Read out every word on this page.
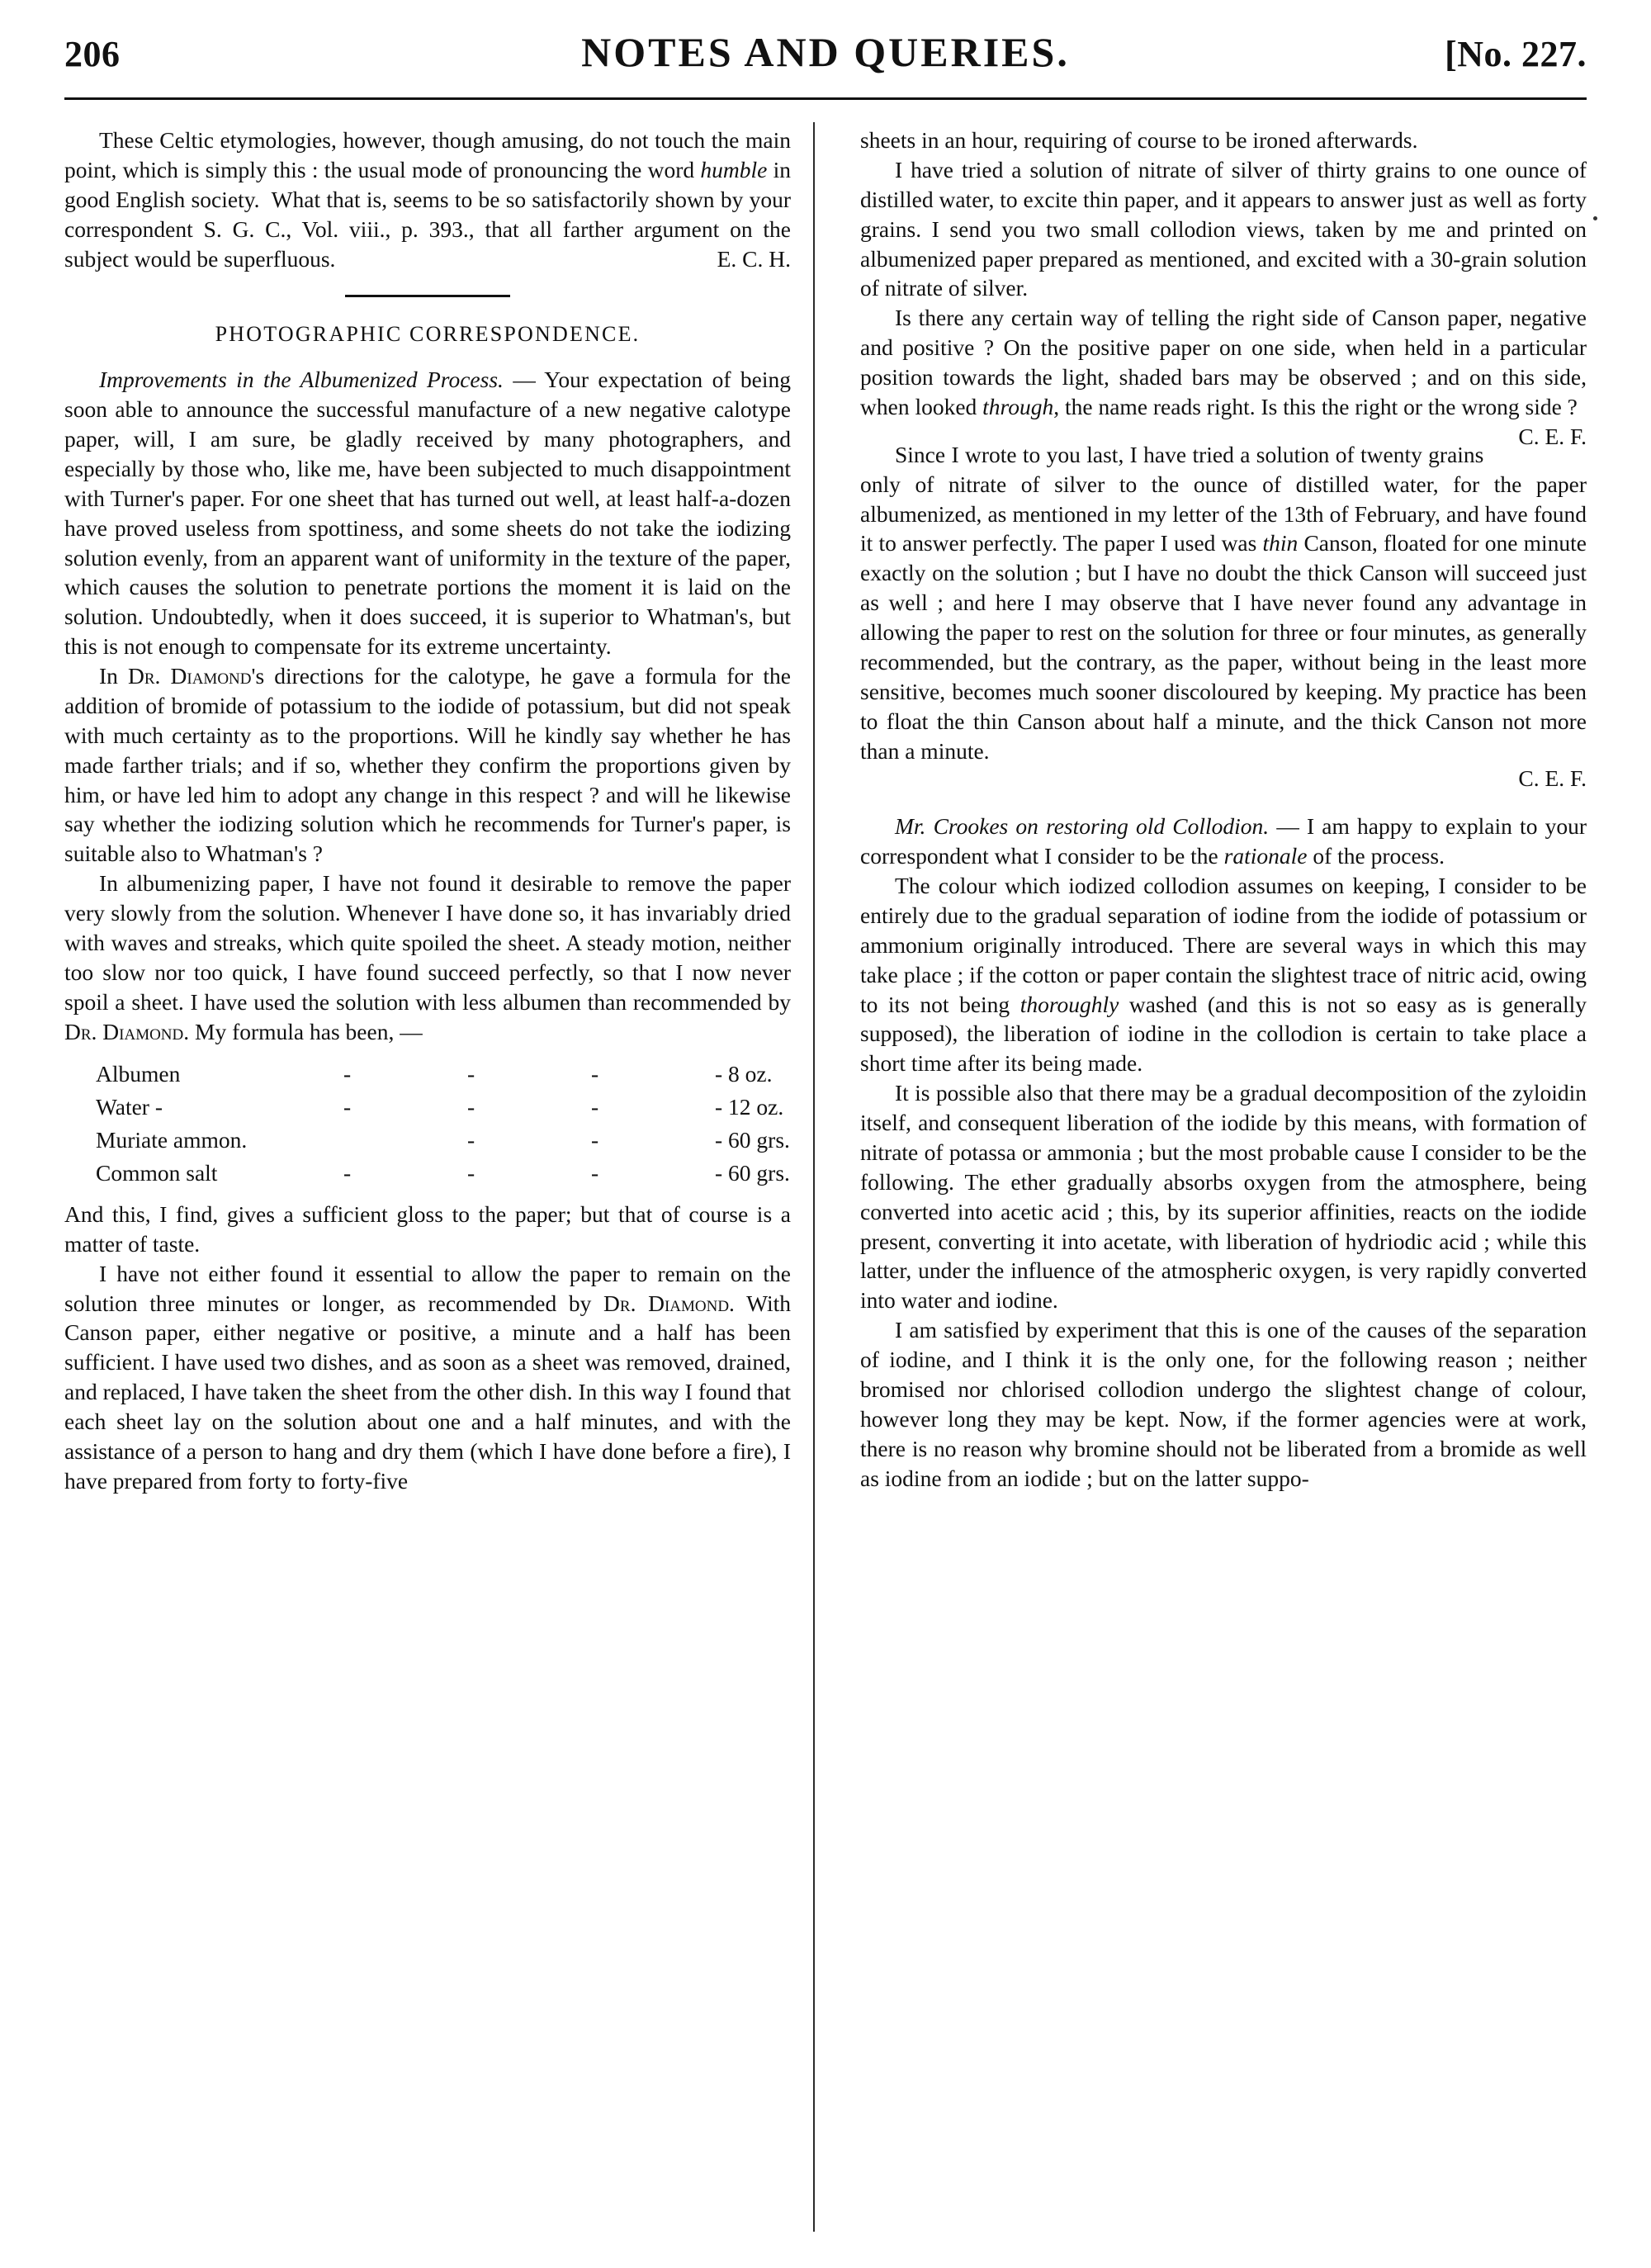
206	NOTES AND QUERIES.	[No. 227.

These Celtic etymologies, however, though amusing, do not touch the main point, which is simply this : the usual mode of pronouncing the word humble in good English society.  What that is, seems to be so satisfactorily shown by your correspondent S. G. C., Vol. viii., p. 393., that all farther argument on the subject would be superfluous.	E. C. H.

PHOTOGRAPHIC CORRESPONDENCE.

Improvements in the Albumenized Process. — Your expectation of being soon able to announce the successful manufacture of a new negative calotype paper, will, I am sure, be gladly received by many photographers, and especially by those who, like me, have been subjected to much disappointment with Turner's paper. For one sheet that has turned out well, at least half-a-dozen have proved useless from spottiness, and some sheets do not take the iodizing solution evenly, from an apparent want of uniformity in the texture of the paper, which causes the solution to penetrate portions the moment it is laid on the solution. Undoubtedly, when it does succeed, it is superior to Whatman's, but this is not enough to compensate for its extreme uncertainty.

In Dr. Diamond's directions for the calotype, he gave a formula for the addition of bromide of potassium to the iodide of potassium, but did not speak with much certainty as to the proportions. Will he kindly say whether he has made farther trials; and if so, whether they confirm the proportions given by him, or have led him to adopt any change in this respect ? and will he likewise say whether the iodizing solution which he recommends for Turner's paper, is suitable also to Whatman's ?

In albumenizing paper, I have not found it desirable to remove the paper very slowly from the solution. Whenever I have done so, it has invariably dried with waves and streaks, which quite spoiled the sheet. A steady motion, neither too slow nor too quick, I have found succeed perfectly, so that I now never spoil a sheet. I have used the solution with less albumen than recommended by Dr. Diamond. My formula has been, —

Albumen	-	-	-	- 8 oz.
Water -	-	-	-	- 12 oz.
Muriate ammon.		-	-	- 60 grs.
Common salt	-	-	-	- 60 grs.

And this, I find, gives a sufficient gloss to the paper; but that of course is a matter of taste.

I have not either found it essential to allow the paper to remain on the solution three minutes or longer, as recommended by Dr. Diamond. With Canson paper, either negative or positive, a minute and a half has been sufficient. I have used two dishes, and as soon as a sheet was removed, drained, and replaced, I have taken the sheet from the other dish. In this way I found that each sheet lay on the solution about one and a half minutes, and with the assistance of a person to hang and dry them (which I have done before a fire), I have prepared from forty to forty-five

sheets in an hour, requiring of course to be ironed afterwards.

I have tried a solution of nitrate of silver of thirty grains to one ounce of distilled water, to excite thin paper, and it appears to answer just as well as forty grains. I send you two small collodion views, taken by me and printed on albumenized paper prepared as mentioned, and excited with a 30-grain solution of nitrate of silver.

Is there any certain way of telling the right side of Canson paper, negative and positive ? On the positive paper on one side, when held in a particular position towards the light, shaded bars may be observed ; and on this side, when looked through, the name reads right. Is this the right or the wrong side ?
C. E. F.

Since I wrote to you last, I have tried a solution of twenty grains only of nitrate of silver to the ounce of distilled water, for the paper albumenized, as mentioned in my letter of the 13th of February, and have found it to answer perfectly. The paper I used was thin Canson, floated for one minute exactly on the solution ; but I have no doubt the thick Canson will succeed just as well ; and here I may observe that I have never found any advantage in allowing the paper to rest on the solution for three or four minutes, as generally recommended, but the contrary, as the paper, without being in the least more sensitive, becomes much sooner discoloured by keeping. My practice has been to float the thin Canson about half a minute, and the thick Canson not more than a minute.

C. E. F.

Mr. Crookes on restoring old Collodion. — I am happy to explain to your correspondent what I consider to be the rationale of the process.

The colour which iodized collodion assumes on keeping, I consider to be entirely due to the gradual separation of iodine from the iodide of potassium or ammonium originally introduced. There are several ways in which this may take place ; if the cotton or paper contain the slightest trace of nitric acid, owing to its not being thoroughly washed (and this is not so easy as is generally supposed), the liberation of iodine in the collodion is certain to take place a short time after its being made.

It is possible also that there may be a gradual decomposition of the zyloidin itself, and consequent liberation of the iodide by this means, with formation of nitrate of potassa or ammonia ; but the most probable cause I consider to be the following. The ether gradually absorbs oxygen from the atmosphere, being converted into acetic acid ; this, by its superior affinities, reacts on the iodide present, converting it into acetate, with liberation of hydriodic acid ; while this latter, under the influence of the atmospheric oxygen, is very rapidly converted into water and iodine.

I am satisfied by experiment that this is one of the causes of the separation of iodine, and I think it is the only one, for the following reason ; neither bromised nor chlorised collodion undergo the slightest change of colour, however long they may be kept. Now, if the former agencies were at work, there is no reason why bromine should not be liberated from a bromide as well as iodine from an iodide ; but on the latter suppo-
